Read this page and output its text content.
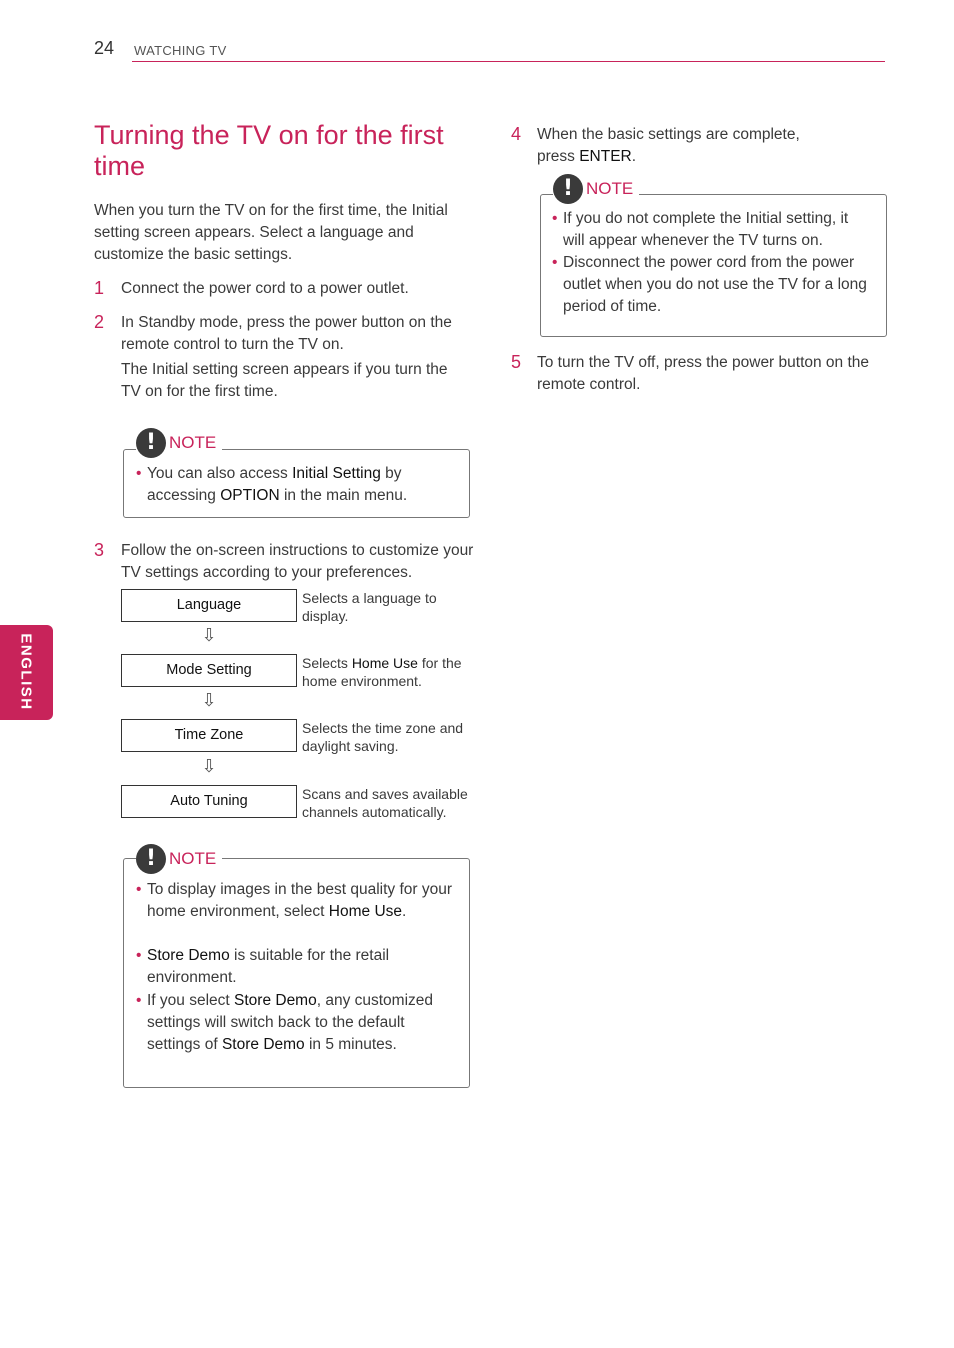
24 WATCHING TV
ENGLISH
Turning the TV on for the first time
When you turn the TV on for the first time, the Initial setting screen appears. Select a language and customize the basic settings.
1 Connect the power cord to a power outlet.
2 In Standby mode, press the power button on the remote control to turn the TV on.
The Initial setting screen appears if you turn the TV on for the first time.
! NOTE
• You can also access Initial Setting by accessing OPTION in the main menu.
3 Follow the on-screen instructions to customize your TV settings according to your preferences.
Language	Selects a language to display.
⇩
Mode Setting	Selects Home Use for the home environment.
⇩
Time Zone	Selects the time zone and daylight saving.
⇩
Auto Tuning	Scans and saves available channels automatically.
! NOTE
• To display images in the best quality for your home environment, select Home Use.
• Store Demo is suitable for the retail environment.
• If you select Store Demo, any customized settings will switch back to the default settings of Store Demo in 5 minutes.
4 When the basic settings are complete, press ENTER.
! NOTE
• If you do not complete the Initial setting, it will appear whenever the TV turns on.
• Disconnect the power cord from the power outlet when you do not use the TV for a long period of time.
5 To turn the TV off, press the power button on the remote control.
